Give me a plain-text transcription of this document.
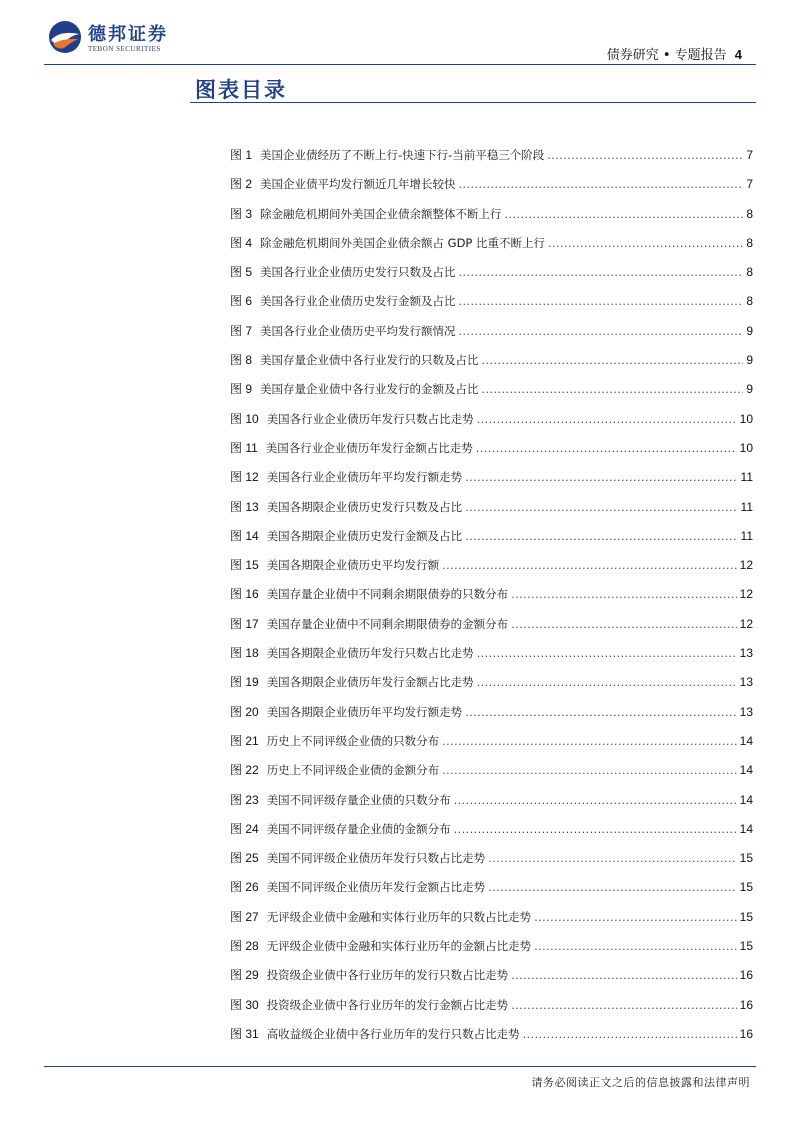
德邦证券
TEBON SECURITIES	债券研究 • 专题报告 4
图表目录
图 1 美国企业债经历了不断上行-快速下行-当前平稳三个阶段 .....	7
图 2 美国企业债平均发行额近几年增长较快 .....	7
图 3 除金融危机期间外美国企业债余额整体不断上行 .....	8
图 4 除金融危机期间外美国企业债余额占 GDP 比重不断上行 .....	8
图 5 美国各行业企业债历史发行只数及占比 .....	8
图 6 美国各行业企业债历史发行金额及占比 .....	8
图 7 美国各行业企业债历史平均发行额情况 .....	9
图 8 美国存量企业债中各行业发行的只数及占比 .....	9
图 9 美国存量企业债中各行业发行的金额及占比 .....	9
图 10 美国各行业企业债历年发行只数占比走势 .....	10
图 11 美国各行业企业债历年发行金额占比走势 .....	10
图 12 美国各行业企业债历年平均发行额走势 .....	11
图 13 美国各期限企业债历史发行只数及占比 .....	11
图 14 美国各期限企业债历史发行金额及占比 .....	11
图 15 美国各期限企业债历史平均发行额 .....	12
图 16 美国存量企业债中不同剩余期限债券的只数分布 .....	12
图 17 美国存量企业债中不同剩余期限债券的金额分布 .....	12
图 18 美国各期限企业债历年发行只数占比走势 .....	13
图 19 美国各期限企业债历年发行金额占比走势 .....	13
图 20 美国各期限企业债历年平均发行额走势 .....	13
图 21 历史上不同评级企业债的只数分布 .....	14
图 22 历史上不同评级企业债的金额分布 .....	14
图 23 美国不同评级存量企业债的只数分布 .....	14
图 24 美国不同评级存量企业债的金额分布 .....	14
图 25 美国不同评级企业债历年发行只数占比走势 .....	15
图 26 美国不同评级企业债历年发行金额占比走势 .....	15
图 27 无评级企业债中金融和实体行业历年的只数占比走势 .....	15
图 28 无评级企业债中金融和实体行业历年的金额占比走势 .....	15
图 29 投资级企业债中各行业历年的发行只数占比走势 .....	16
图 30 投资级企业债中各行业历年的发行金额占比走势 .....	16
图 31 高收益级企业债中各行业历年的发行只数占比走势 .....	16
请务必阅读正文之后的信息披露和法律声明
